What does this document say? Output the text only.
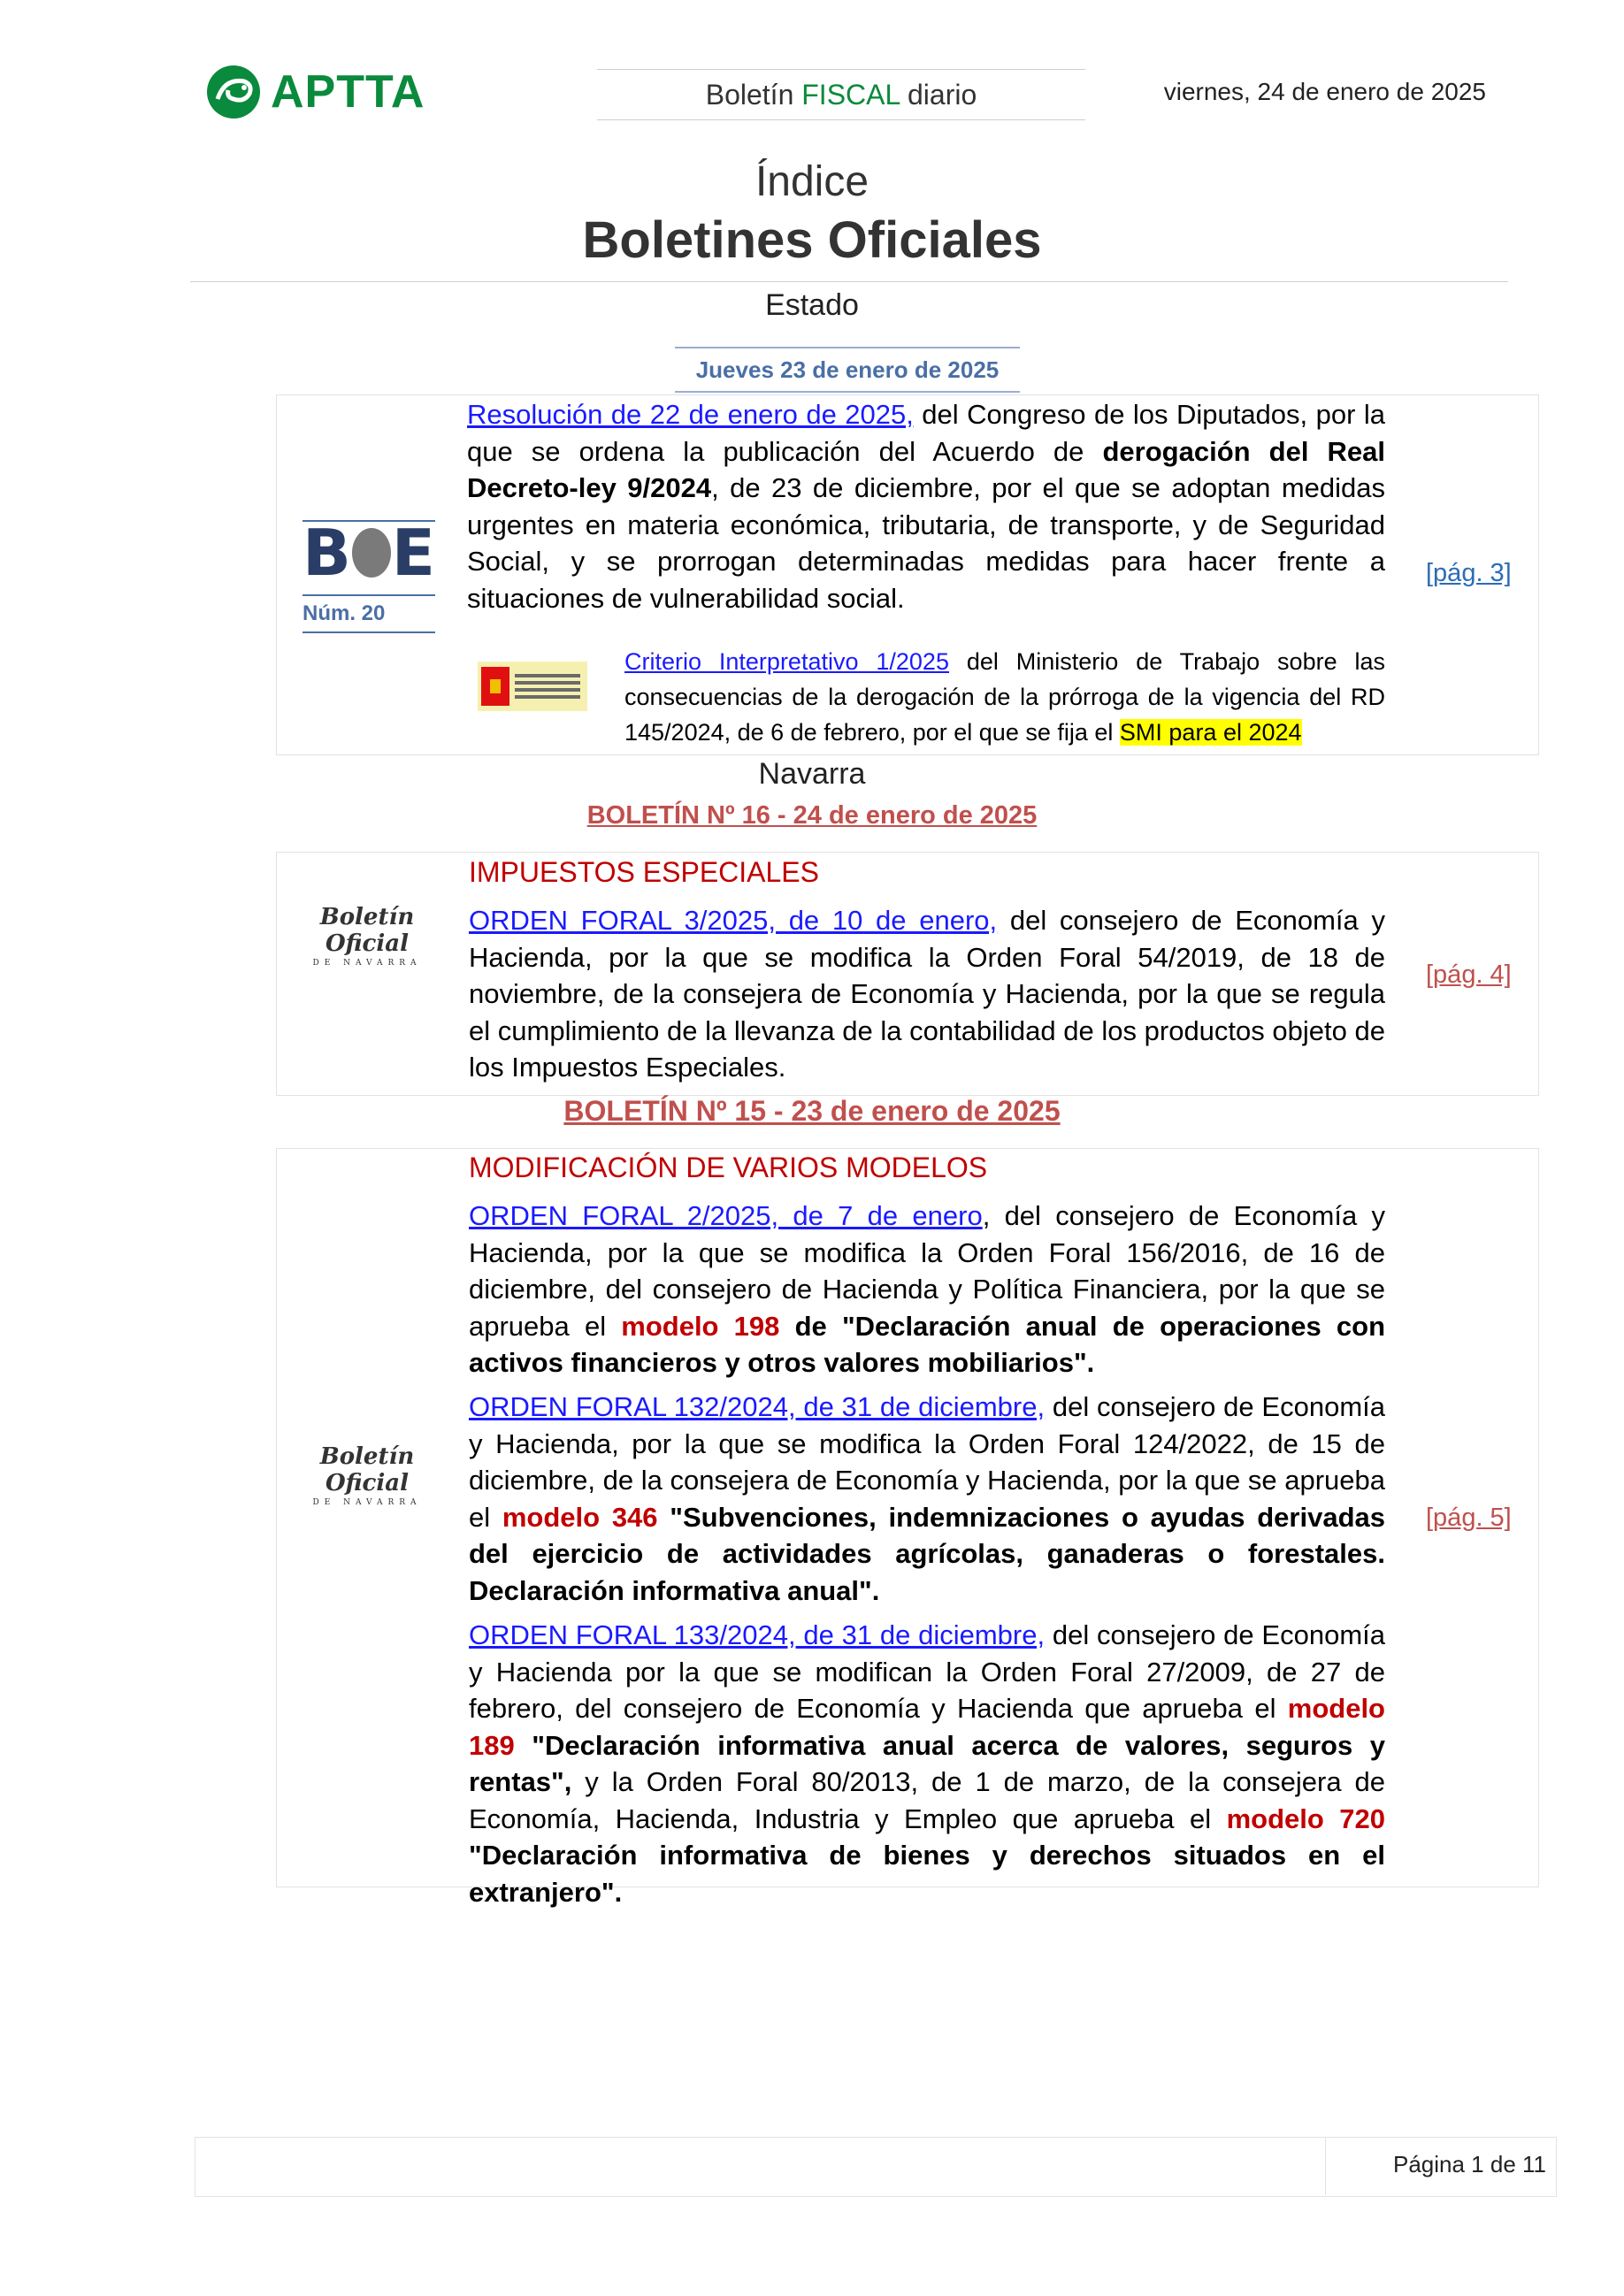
APTTA	Boletín FISCAL diario	viernes, 24 de enero de 2025
Índice
Boletines Oficiales
Estado
Jueves 23 de enero de 2025
B E
Núm. 20
Resolución de 22 de enero de 2025, del Congreso de los Diputados, por la que se ordena la publicación del Acuerdo de derogación del Real Decreto-ley 9/2024, de 23 de diciembre, por el que se adoptan medidas urgentes en materia económica, tributaria, de transporte, y de Seguridad Social, y se prorrogan determinadas medidas para hacer frente a situaciones de vulnerabilidad social.
Criterio Interpretativo 1/2025 del Ministerio de Trabajo sobre las consecuencias de la derogación de la prórroga de la vigencia del RD 145/2024, de 6 de febrero, por el que se fija el SMI para el 2024
[pág. 3]
Navarra
BOLETÍN Nº 16 - 24 de enero de 2025
Boletín Oficial
DE NAVARRA
IMPUESTOS ESPECIALES
ORDEN FORAL 3/2025, de 10 de enero, del consejero de Economía y Hacienda, por la que se modifica la Orden Foral 54/2019, de 18 de noviembre, de la consejera de Economía y Hacienda, por la que se regula el cumplimiento de la llevanza de la contabilidad de los productos objeto de los Impuestos Especiales.
[pág. 4]
BOLETÍN Nº 15 - 23 de enero de 2025
Boletín Oficial
DE NAVARRA
MODIFICACIÓN DE VARIOS MODELOS
ORDEN FORAL 2/2025, de 7 de enero, del consejero de Economía y Hacienda, por la que se modifica la Orden Foral 156/2016, de 16 de diciembre, del consejero de Hacienda y Política Financiera, por la que se aprueba el modelo 198 de "Declaración anual de operaciones con activos financieros y otros valores mobiliarios".
ORDEN FORAL 132/2024, de 31 de diciembre, del consejero de Economía y Hacienda, por la que se modifica la Orden Foral 124/2022, de 15 de diciembre, de la consejera de Economía y Hacienda, por la que se aprueba el modelo 346 "Subvenciones, indemnizaciones o ayudas derivadas del ejercicio de actividades agrícolas, ganaderas o forestales. Declaración informativa anual".
ORDEN FORAL 133/2024, de 31 de diciembre, del consejero de Economía y Hacienda por la que se modifican la Orden Foral 27/2009, de 27 de febrero, del consejero de Economía y Hacienda que aprueba el modelo 189 "Declaración informativa anual acerca de valores, seguros y rentas", y la Orden Foral 80/2013, de 1 de marzo, de la consejera de Economía, Hacienda, Industria y Empleo que aprueba el modelo 720 "Declaración informativa de bienes y derechos situados en el extranjero".
[pág. 5]
Página 1 de 11
